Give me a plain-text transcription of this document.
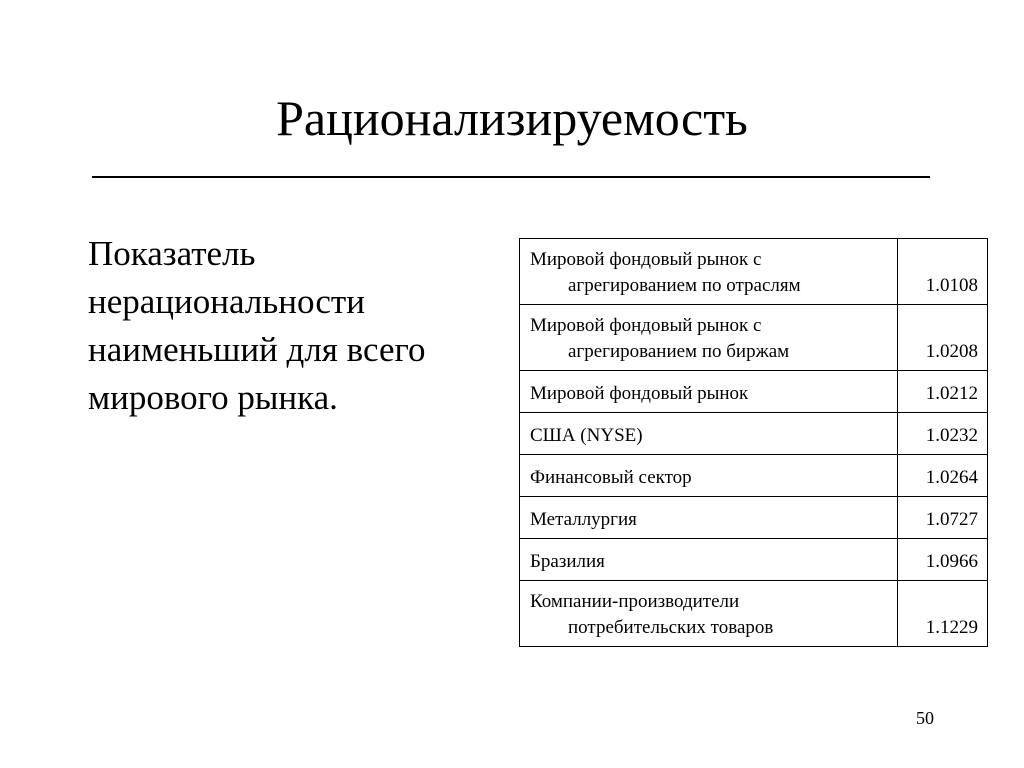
Рационализируемость

Показатель
нерациональности
наименьший для всего
мирового рынка.

Мировой фондовый рынок с
агрегированием по отраслям	1.0108

Мировой фондовый рынок с
агрегированием по биржам	1.0208

Мировой фондовый рынок	1.0212

США (NYSE)	1.0232

Финансовый сектор	1.0264

Металлургия	1.0727

Бразилия	1.0966

Компании-производители
потребительских товаров	1.1229
50
